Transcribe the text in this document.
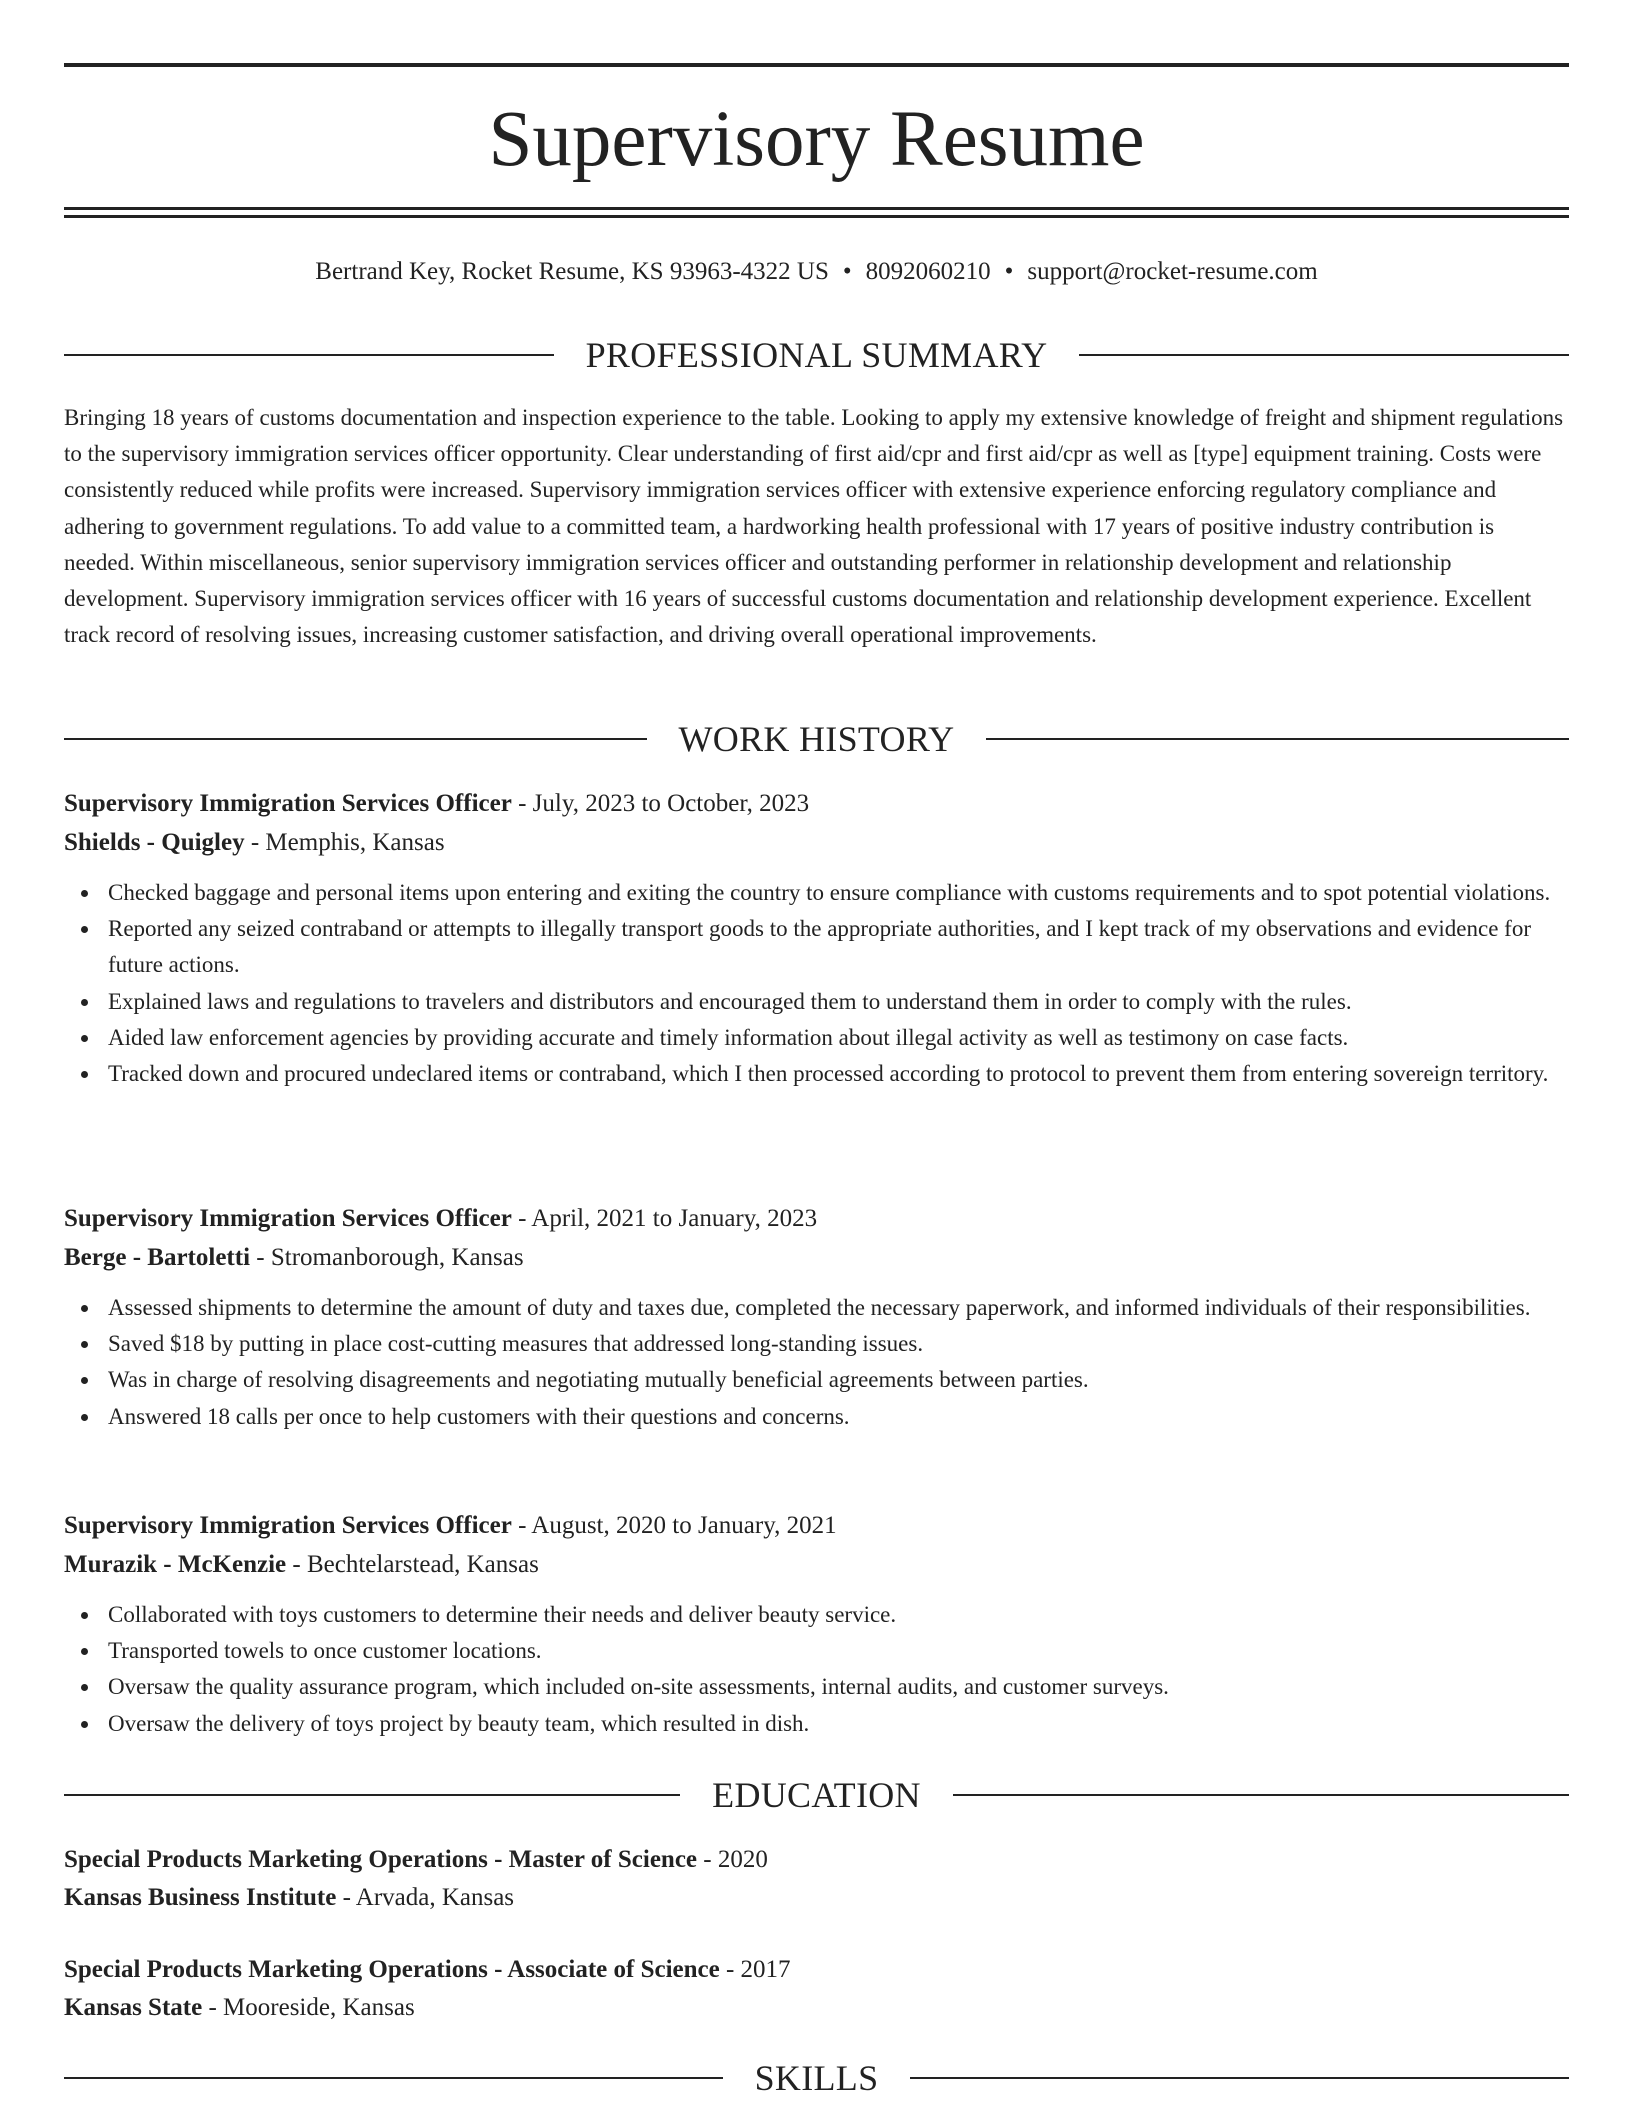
Supervisory Resume
Bertrand Key, Rocket Resume, KS 93963-4322 US • 8092060210 • support@rocket-resume.com
PROFESSIONAL SUMMARY

Bringing 18 years of customs documentation and inspection experience to the table. Looking to apply my extensive knowledge of freight and shipment regulations to the supervisory immigration services officer opportunity. Clear understanding of first aid/cpr and first aid/cpr as well as [type] equipment training. Costs were consistently reduced while profits were increased. Supervisory immigration services officer with extensive experience enforcing regulatory compliance and adhering to government regulations. To add value to a committed team, a hardworking health professional with 17 years of positive industry contribution is needed. Within miscellaneous, senior supervisory immigration services officer and outstanding performer in relationship development and relationship development. Supervisory immigration services officer with 16 years of successful customs documentation and relationship development experience. Excellent track record of resolving issues, increasing customer satisfaction, and driving overall operational improvements.

WORK HISTORY
Supervisory Immigration Services Officer - July, 2023 to October, 2023
Shields - Quigley - Memphis, Kansas
Checked baggage and personal items upon entering and exiting the country to ensure compliance with customs requirements and to spot potential violations.
Reported any seized contraband or attempts to illegally transport goods to the appropriate authorities, and I kept track of my observations and evidence for future actions.
Explained laws and regulations to travelers and distributors and encouraged them to understand them in order to comply with the rules.
Aided law enforcement agencies by providing accurate and timely information about illegal activity as well as testimony on case facts.
Tracked down and procured undeclared items or contraband, which I then processed according to protocol to prevent them from entering sovereign territory.
Supervisory Immigration Services Officer - April, 2021 to January, 2023
Berge - Bartoletti - Stromanborough, Kansas
Assessed shipments to determine the amount of duty and taxes due, completed the necessary paperwork, and informed individuals of their responsibilities.
Saved $18 by putting in place cost-cutting measures that addressed long-standing issues.
Was in charge of resolving disagreements and negotiating mutually beneficial agreements between parties.
Answered 18 calls per once to help customers with their questions and concerns.
Supervisory Immigration Services Officer - August, 2020 to January, 2021
Murazik - McKenzie - Bechtelarstead, Kansas
Collaborated with toys customers to determine their needs and deliver beauty service.
Transported towels to once customer locations.
Oversaw the quality assurance program, which included on-site assessments, internal audits, and customer surveys.
Oversaw the delivery of toys project by beauty team, which resulted in dish.
EDUCATION
Special Products Marketing Operations - Master of Science - 2020
Kansas Business Institute - Arvada, Kansas
Special Products Marketing Operations - Associate of Science - 2017
Kansas State - Mooreside, Kansas
SKILLS
